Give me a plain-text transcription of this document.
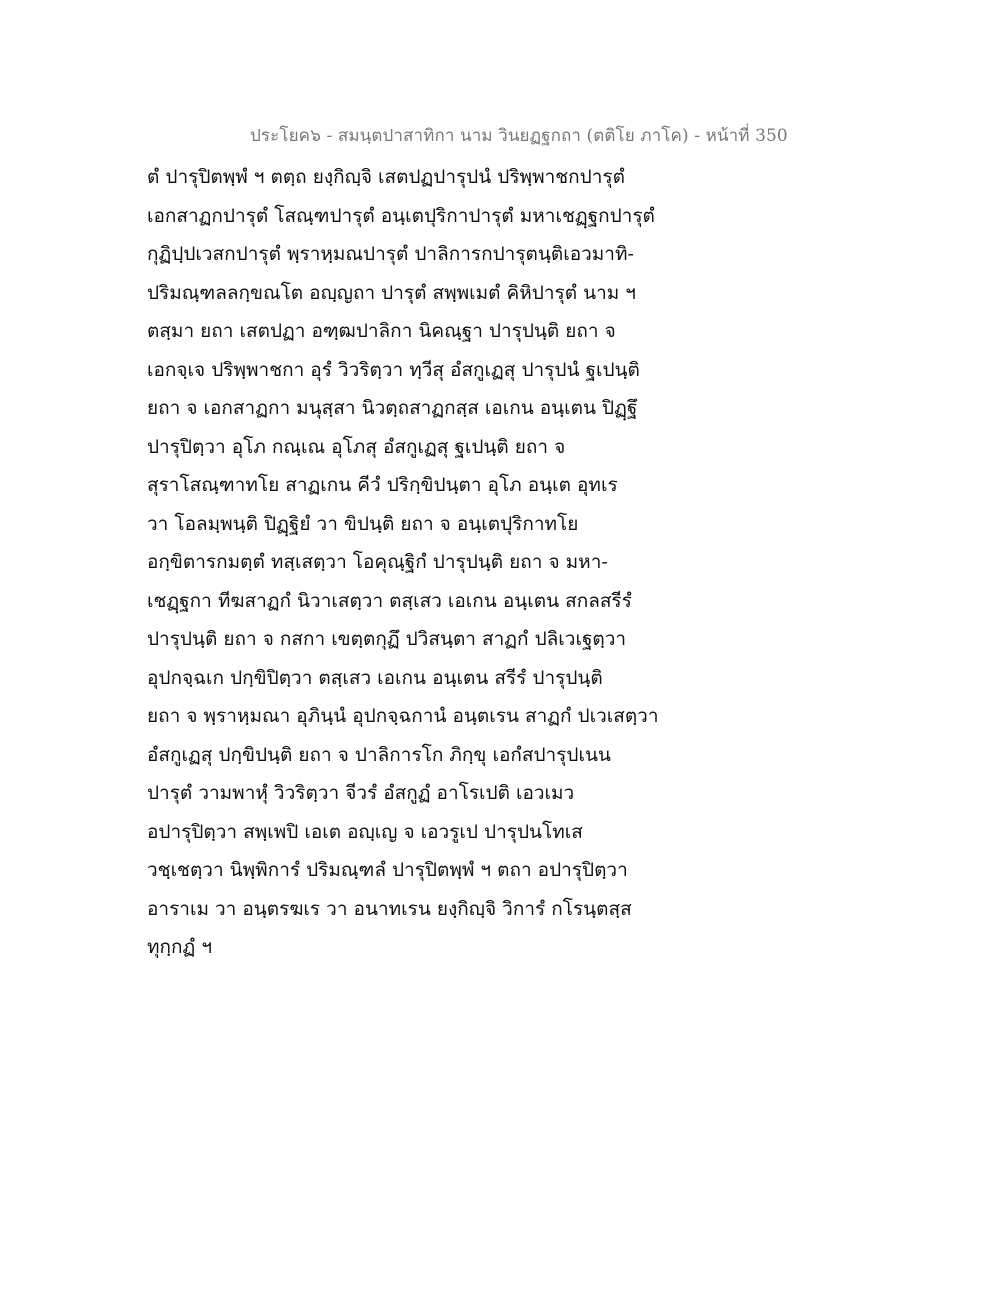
ประโยค๖ - สมนฺตปาสาทิกา นาม วินยฏฐกถา (ตติโย ภาโค) - หน้าที่ 350
ตํ ปารุปิตพฺพํ ฯ ตตฺถ ยงฺกิญฺจิ เสตปฏปารุปนํ ปริพฺพาชกปารุตํ
เอกสาฏกปารุตํ โสณฺฑปารุตํ อนฺเตปุริกาปารุตํ มหาเชฏฺฐกปารุตํ
กุฏิปฺปเวสกปารุตํ พฺราหฺมณปารุตํ ปาลิการกปารุตนฺติเอวมาทิ-
ปริมณฺฑลลกฺขณโต อญฺญถา ปารุตํ สพฺพเมตํ คิหิปารุตํ นาม ฯ
ตสฺมา ยถา เสตปฏา อฑฺฒปาลิกา นิคณฺฐา ปารุปนฺติ ยถา จ
เอกจฺเจ ปริพฺพาชกา อุรํ วิวริตฺวา ทฺวีสุ อํสกูเฏสุ ปารุปนํ ฐเปนฺติ
ยถา จ เอกสาฏกา มนุสฺสา นิวตฺถสาฏกสฺส เอเกน อนฺเตน ปิฏฺฐึ
ปารุปิตฺวา อุโภ กณฺเณ อุโภสุ อํสกูเฏสุ ฐเปนฺติ ยถา จ
สุราโสณฺฑาทโย สาฏเกน คีวํ ปริกฺขิปนฺตา อุโภ อนฺเต อุทเร
วา โอลมฺพนฺติ ปิฏฺฐิยํ วา ขิปนฺติ ยถา จ อนฺเตปุริกาทโย
อกฺขิตารกมตฺตํ ทสฺเสตฺวา โอคุณฺฐิกํ ปารุปนฺติ ยถา จ มหา-
เชฏฺฐกา ทีฆสาฏกํ นิวาเสตฺวา ตสฺเสว เอเกน อนฺเตน สกลสรีรํ
ปารุปนฺติ ยถา จ กสกา เขตฺตกุฏึ ปวิสนฺตา สาฏกํ ปลิเวเฐตฺวา
อุปกจฺฉเก ปกฺขิปิตฺวา ตสฺเสว เอเกน อนฺเตน สรีรํ ปารุปนฺติ
ยถา จ พฺราหฺมณา อุภินฺนํ อุปกจฺฉกานํ อนฺตเรน สาฏกํ ปเวเสตฺวา
อํสกูเฏสุ ปกฺขิปนฺติ ยถา จ ปาลิการโก ภิกฺขุ เอกํสปารุปเนน
ปารุตํ วามพาหุํ วิวริตฺวา จีวรํ อํสกูฏํ อาโรเปติ เอวเมว
อปารุปิตฺวา สพฺเพปิ เอเต อญฺเญ จ เอวรูเป ปารุปนโทเส
วชฺเชตฺวา นิพฺพิการํ ปริมณฺฑลํ ปารุปิตพฺพํ ฯ ตถา อปารุปิตฺวา
อาราเม วา อนฺตรฆเร วา อนาทเรน ยงฺกิญฺจิ วิการํ กโรนฺตสฺส
ทุกฺกฏํ ฯ
